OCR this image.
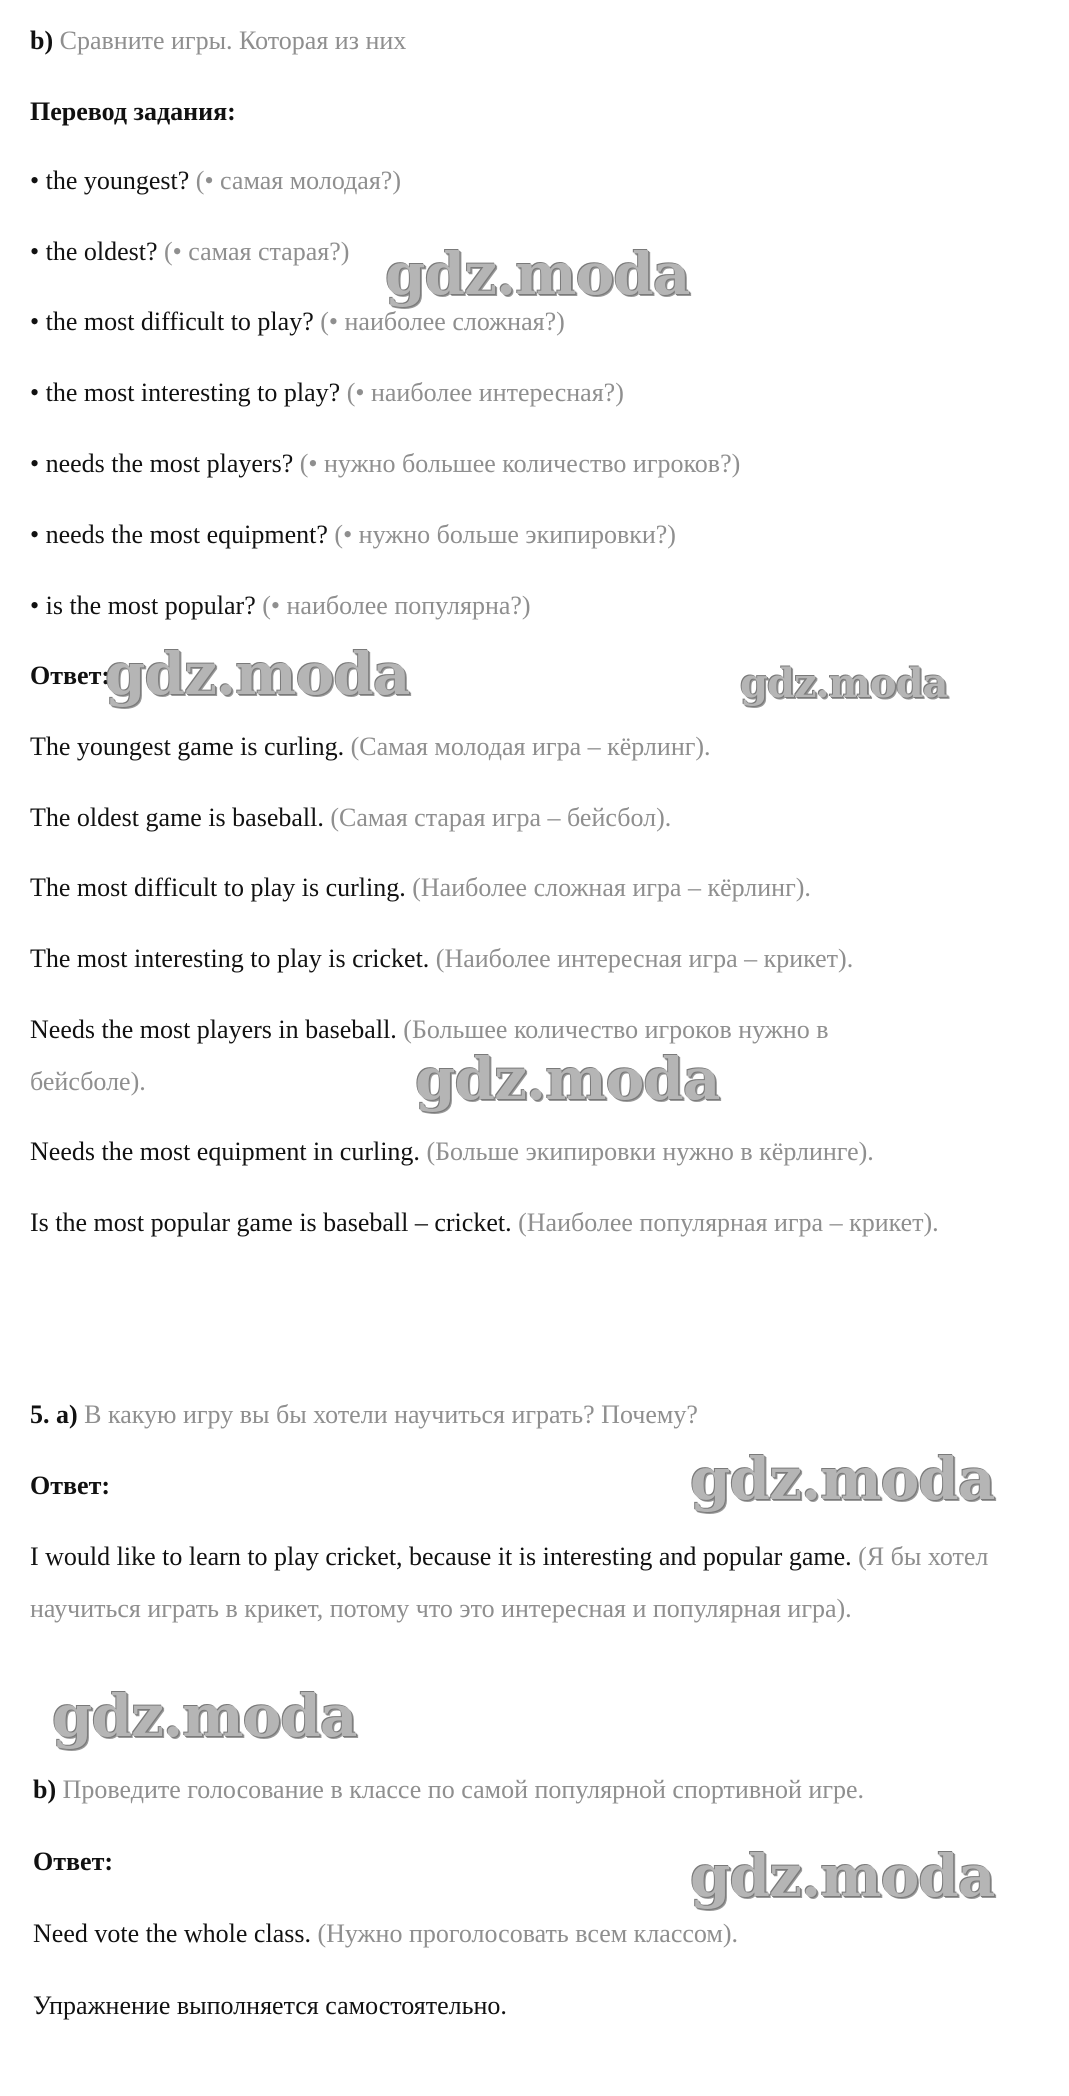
b) Сравните игры. Которая из них
Перевод задания:
• the youngest? (• самая молодая?)
• the oldest? (• самая старая?)
• the most difficult to play? (• наиболее сложная?)
• the most interesting to play? (• наиболее интересная?)
• needs the most players? (• нужно большее количество игроков?)
• needs the most equipment? (• нужно больше экипировки?)
• is the most popular? (• наиболее популярна?)
Ответ:
The youngest game is curling. (Самая молодая игра – кёрлинг).
The oldest game is baseball. (Самая старая игра – бейсбол).
The most difficult to play is curling. (Наиболее сложная игра – кёрлинг).
The most interesting to play is cricket. (Наиболее интересная игра – крикет).
Needs the most players in baseball. (Большее количество игроков нужно в бейсболе).
Needs the most equipment in curling. (Больше экипировки нужно в кёрлинге).
Is the most popular game is baseball – cricket. (Наиболее популярная игра – крикет).
5. a) В какую игру вы бы хотели научиться играть? Почему?
Ответ:
I would like to learn to play cricket, because it is interesting and popular game. (Я бы хотел научиться играть в крикет, потому что это интересная и популярная игра).
b) Проведите голосование в классе по самой популярной спортивной игре.
Ответ:
Need vote the whole class. (Нужно проголосовать всем классом).
Упражнение выполняется самостоятельно.
gdz.moda
gdz.moda	gdz.moda
gdz.moda
gdz.moda
gdz.moda
gdz.moda
